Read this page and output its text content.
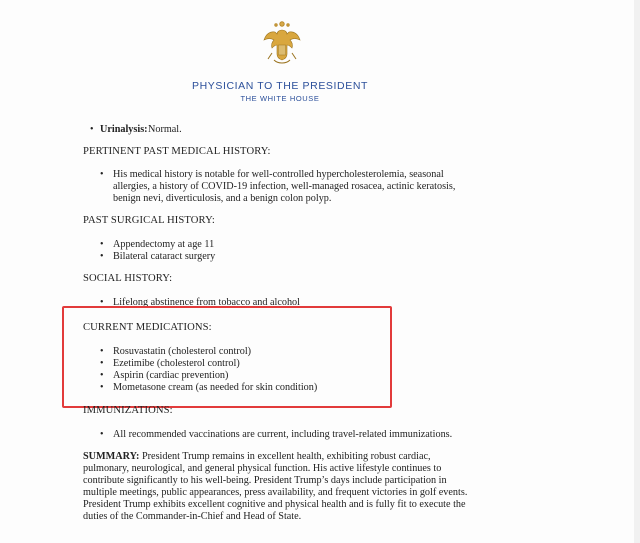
PHYSICIAN TO THE PRESIDENT
THE WHITE HOUSE
• Urinalysis: Normal.
PERTINENT PAST MEDICAL HISTORY:
• His medical history is notable for well-controlled hypercholesterolemia, seasonal
allergies, a history of COVID-19 infection, well-managed rosacea, actinic keratosis,
benign nevi, diverticulosis, and a benign colon polyp.
PAST SURGICAL HISTORY:
• Appendectomy at age 11
• Bilateral cataract surgery
SOCIAL HISTORY:
• Lifelong abstinence from tobacco and alcohol
CURRENT MEDICATIONS:
• Rosuvastatin (cholesterol control)
• Ezetimibe (cholesterol control)
• Aspirin (cardiac prevention)
• Mometasone cream (as needed for skin condition)
IMMUNIZATIONS:
• All recommended vaccinations are current, including travel-related immunizations.
SUMMARY: President Trump remains in excellent health, exhibiting robust cardiac,
pulmonary, neurological, and general physical function. His active lifestyle continues to
contribute significantly to his well-being. President Trump’s days include participation in
multiple meetings, public appearances, press availability, and frequent victories in golf events.
President Trump exhibits excellent cognitive and physical health and is fully fit to execute the
duties of the Commander-in-Chief and Head of State.
